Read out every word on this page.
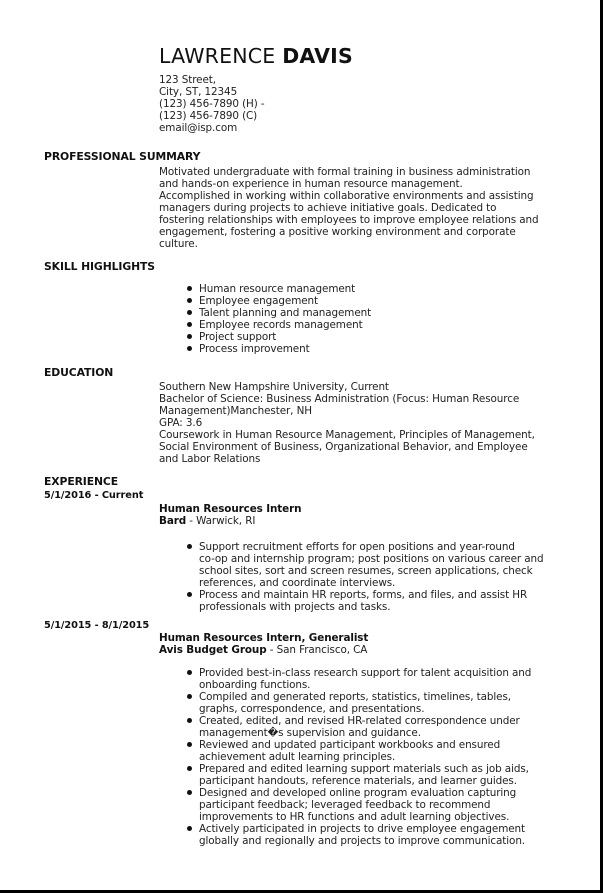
LAWRENCE DAVIS
123 Street,
City, ST, 12345
(123) 456-7890 (H) -
(123) 456-7890 (C)
email@isp.com
PROFESSIONAL SUMMARY
Motivated undergraduate with formal training in business administration
and hands-on experience in human resource management.
Accomplished in working within collaborative environments and assisting
managers during projects to achieve initiative goals. Dedicated to
fostering relationships with employees to improve employee relations and
engagement, fostering a positive working environment and corporate
culture.
SKILL HIGHLIGHTS
Human resource management
Employee engagement
Talent planning and management
Employee records management
Project support
Process improvement
EDUCATION
Southern New Hampshire University, Current
Bachelor of Science: Business Administration (Focus: Human Resource
Management)Manchester, NH
GPA: 3.6
Coursework in Human Resource Management, Principles of Management,
Social Environment of Business, Organizational Behavior, and Employee
and Labor Relations
EXPERIENCE
5/1/2016 - Current
Human Resources Intern
Bard - Warwick, RI
Support recruitment efforts for open positions and year-round
co-op and internship program; post positions on various career and
school sites, sort and screen resumes, screen applications, check
references, and coordinate interviews.
Process and maintain HR reports, forms, and files, and assist HR
professionals with projects and tasks.
5/1/2015 - 8/1/2015
Human Resources Intern, Generalist
Avis Budget Group - San Francisco, CA
Provided best-in-class research support for talent acquisition and
onboarding functions.
Compiled and generated reports, statistics, timelines, tables,
graphs, correspondence, and presentations.
Created, edited, and revised HR-related correspondence under
management�s supervision and guidance.
Reviewed and updated participant workbooks and ensured
achievement adult learning principles.
Prepared and edited learning support materials such as job aids,
participant handouts, reference materials, and learner guides.
Designed and developed online program evaluation capturing
participant feedback; leveraged feedback to recommend
improvements to HR functions and adult learning objectives.
Actively participated in projects to drive employee engagement
globally and regionally and projects to improve communication.
